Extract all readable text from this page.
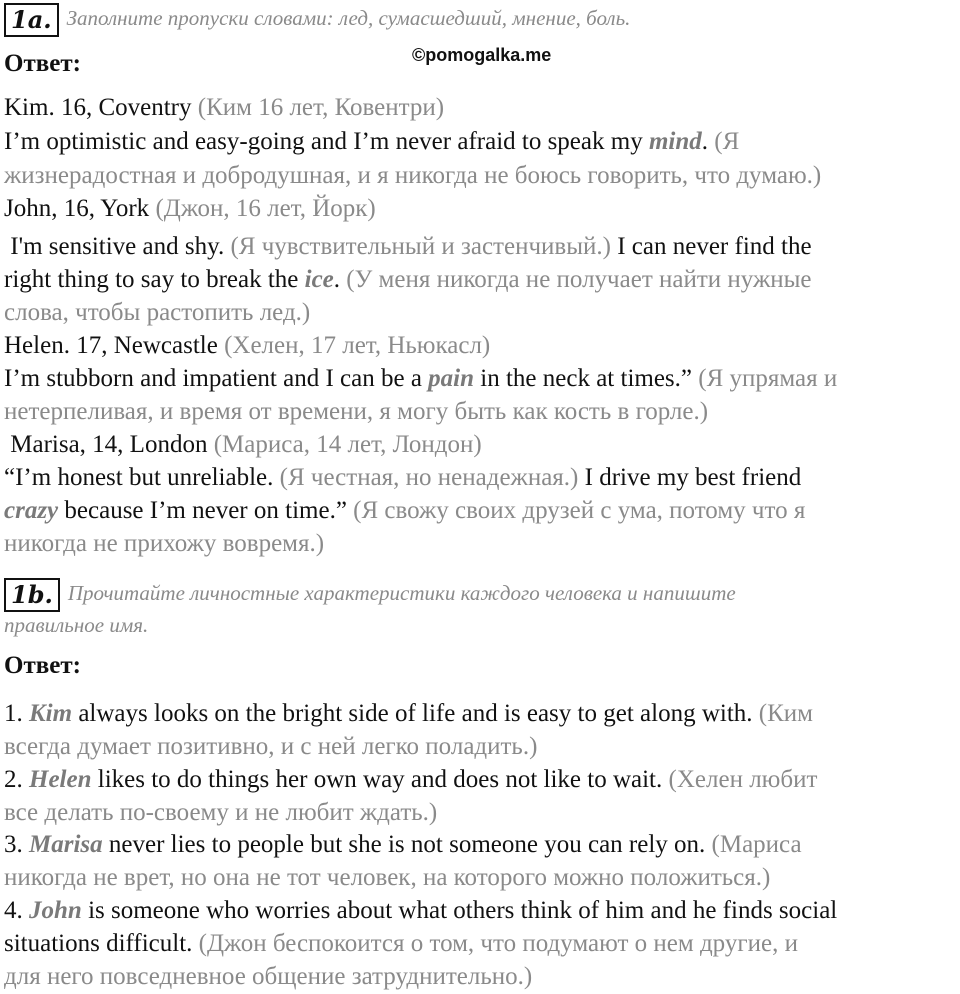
1a. Заполните пропуски словами: лед, сумасшедший, мнение, боль.
Ответ:	©pomogalka.me
Kim. 16, Coventry (Ким 16 лет, Ковентри)
I’m optimistic and easy-going and I’m never afraid to speak my mind. (Я
жизнерадостная и добродушная, и я никогда не боюсь говорить, что думаю.)
John, 16, York (Джон, 16 лет, Йорк)
I'm sensitive and shy. (Я чувствительный и застенчивый.) I can never find the
right thing to say to break the ice. (У меня никогда не получает найти нужные
слова, чтобы растопить лед.)
Helen. 17, Newcastle (Хелен, 17 лет, Ньюкасл)
I’m stubborn and impatient and I can be a pain in the neck at times.” (Я упрямая и
нетерпеливая, и время от времени, я могу быть как кость в горле.)
Marisa, 14, London (Мариса, 14 лет, Лондон)
“I’m honest but unreliable. (Я честная, но ненадежная.) I drive my best friend
crazy because I’m never on time.” (Я свожу своих друзей с ума, потому что я
никогда не прихожу вовремя.)
1b. Прочитайте личностные характеристики каждого человека и напишите
правильное имя.
Ответ:
1. Kim always looks on the bright side of life and is easy to get along with. (Ким
всегда думает позитивно, и с ней легко поладить.)
2. Helen likes to do things her own way and does not like to wait. (Хелен любит
все делать по-своему и не любит ждать.)
3. Marisa never lies to people but she is not someone you can rely on. (Мариса
никогда не врет, но она не тот человек, на которого можно положиться.)
4. John is someone who worries about what others think of him and he finds social
situations difficult. (Джон беспокоится о том, что подумают о нем другие, и
для него повседневное общение затруднительно.)
